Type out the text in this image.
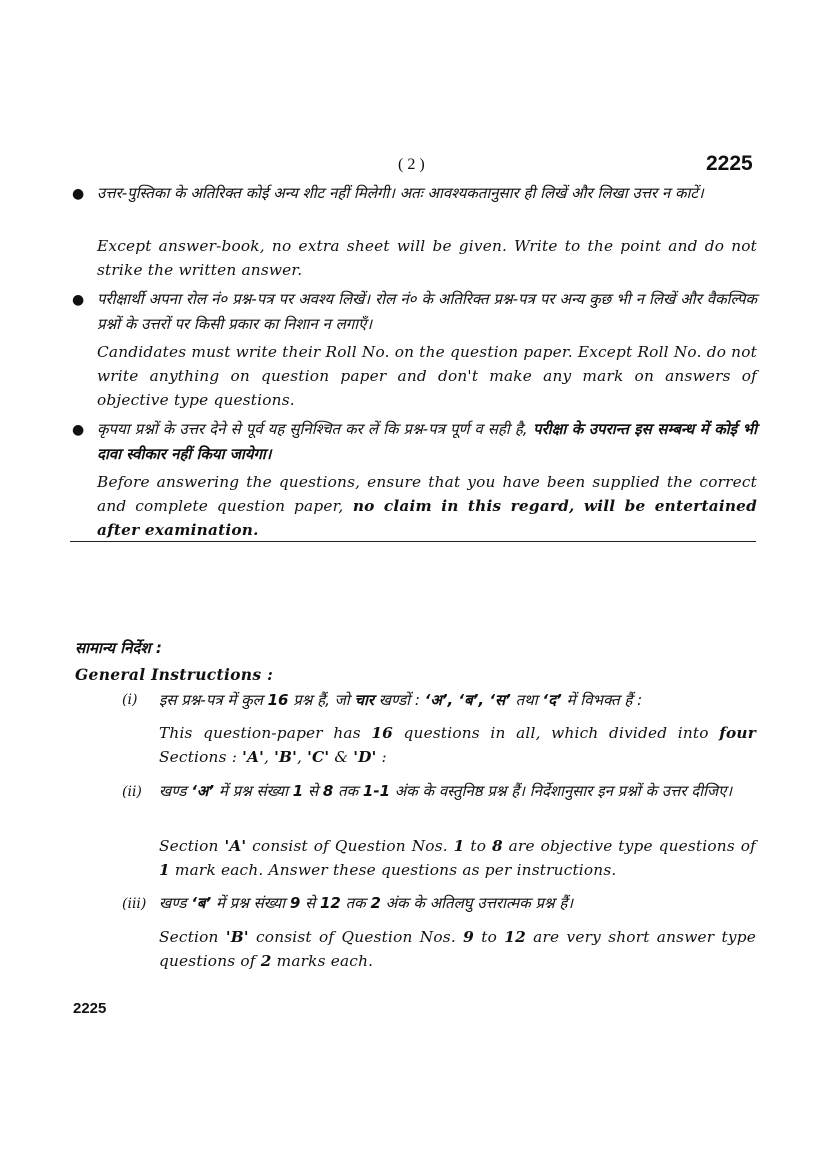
( 2 )	2225
● उत्तर-पुस्तिका के अतिरिक्त कोई अन्य शीट नहीं मिलेगी। अतः आवश्यकतानुसार ही लिखें और लिखा उत्तर न काटें।
Except answer-book, no extra sheet will be given. Write to the point and do not strike the written answer.
● परीक्षार्थी अपना रोल नं० प्रश्न-पत्र पर अवश्य लिखें। रोल नं० के अतिरिक्त प्रश्न-पत्र पर अन्य कुछ भी न लिखें और वैकल्पिक प्रश्नों के उत्तरों पर किसी प्रकार का निशान न लगाएँ।
Candidates must write their Roll No. on the question paper. Except Roll No. do not write anything on question paper and don't make any mark on answers of objective type questions.
● कृपया प्रश्नों के उत्तर देने से पूर्व यह सुनिश्चित कर लें कि प्रश्न-पत्र पूर्ण व सही है, परीक्षा के उपरान्त इस सम्बन्ध में कोई भी दावा स्वीकार नहीं किया जायेगा।
Before answering the questions, ensure that you have been supplied the correct and complete question paper, no claim in this regard, will be entertained after examination.
सामान्य निर्देश :
General Instructions :
(i) इस प्रश्न-पत्र में कुल 16 प्रश्न हैं, जो चार खण्डों : ‘अ’, ‘ब’, ‘स’ तथा ‘द’ में विभक्त हैं :
This question-paper has 16 questions in all, which divided into four Sections : 'A', 'B', 'C' & 'D' :
(ii) खण्ड ‘अ’ में प्रश्न संख्या 1 से 8 तक 1-1 अंक के वस्तुनिष्ठ प्रश्न हैं। निर्देशानुसार इन प्रश्नों के उत्तर दीजिए।
Section 'A' consist of Question Nos. 1 to 8 are objective type questions of 1 mark each. Answer these questions as per instructions.
(iii) खण्ड ‘ब’ में प्रश्न संख्या 9 से 12 तक 2 अंक के अतिलघु उत्तरात्मक प्रश्न हैं।
Section 'B' consist of Question Nos. 9 to 12 are very short answer type questions of 2 marks each.
2225
